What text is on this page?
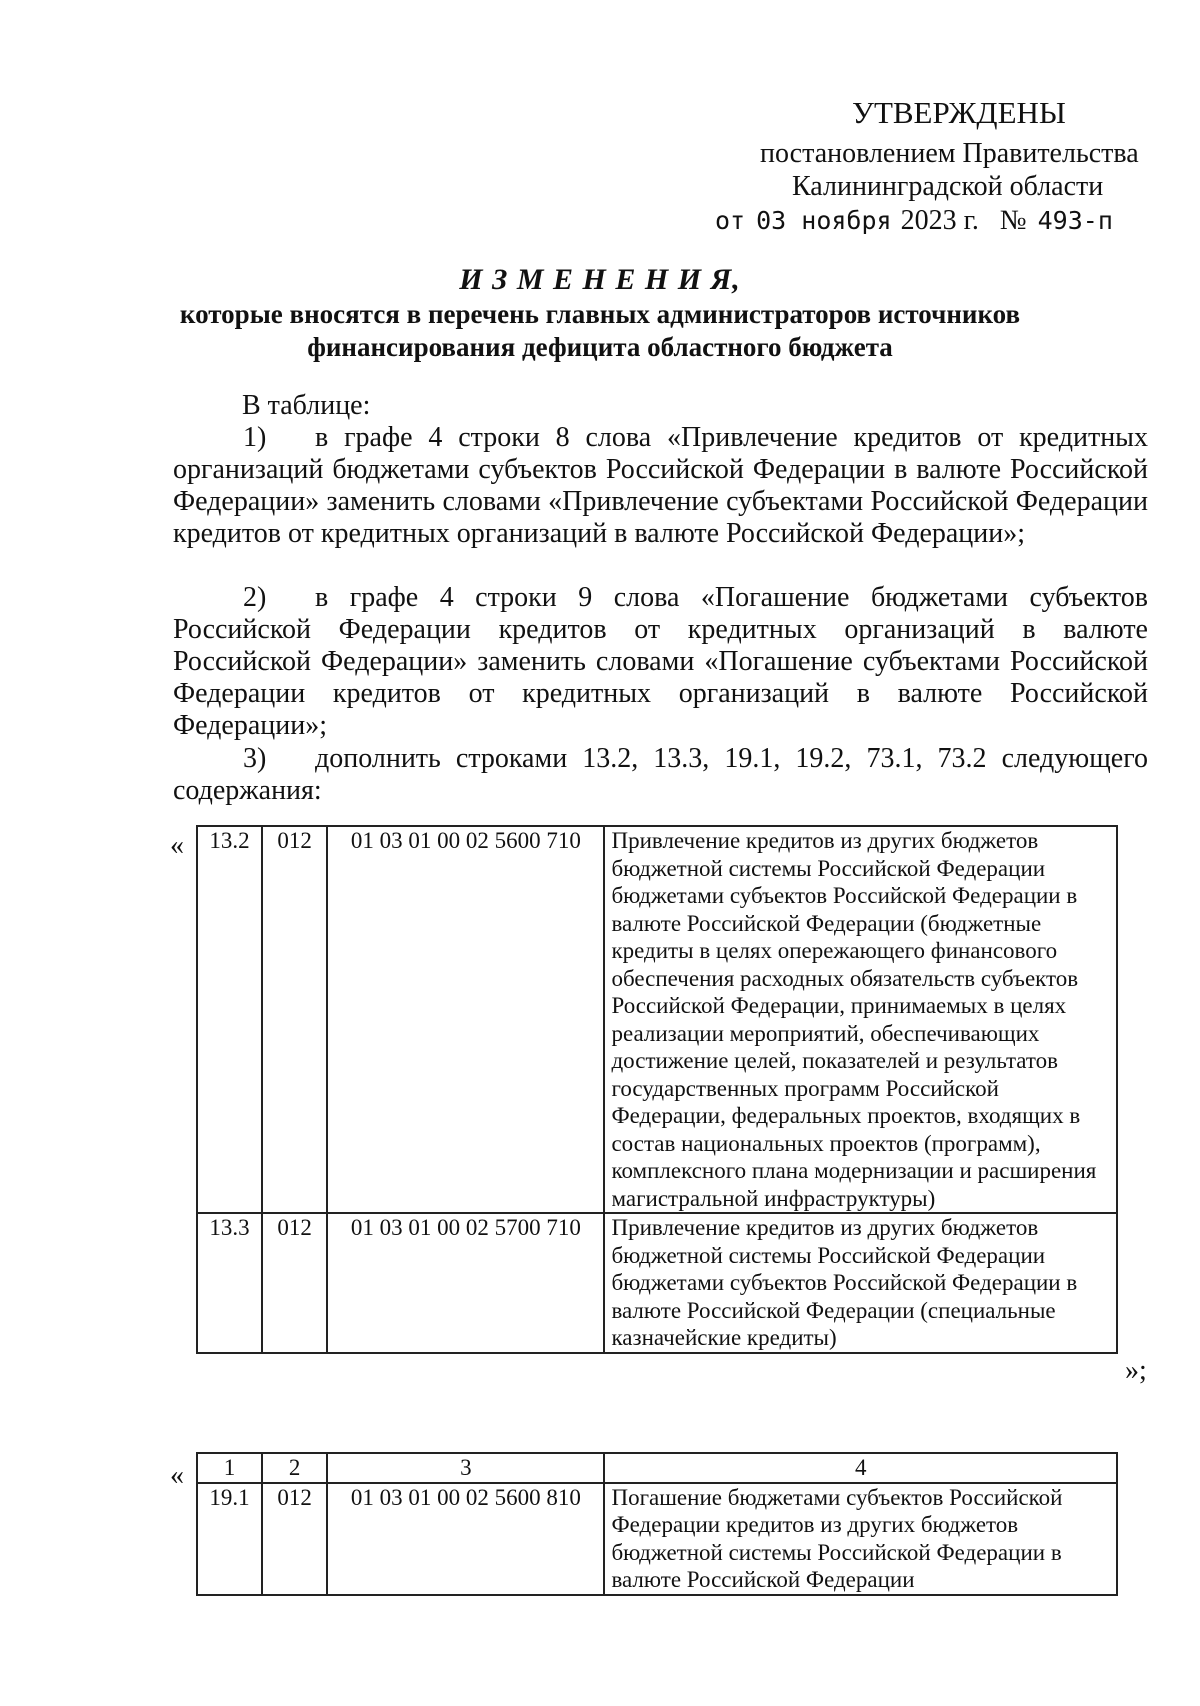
УТВЕРЖДЕНЫ
постановлением Правительства
Калининградской области
от 03 ноября 2023 г. № 493-п
И З М Е Н Е Н И Я,
которые вносятся в перечень главных администраторов источников
финансирования дефицита областного бюджета
В таблице:
1) в графе 4 строки 8 слова «Привлечение кредитов от кредитных организаций бюджетами субъектов Российской Федерации в валюте Российской Федерации» заменить словами «Привлечение субъектами Российской Федерации кредитов от кредитных организаций в валюте Российской Федерации»;
2) в графе 4 строки 9 слова «Погашение бюджетами субъектов Российской Федерации кредитов от кредитных организаций в валюте Российской Федерации» заменить словами «Погашение субъектами Российской Федерации кредитов от кредитных организаций в валюте Российской Федерации»;
3) дополнить строками 13.2, 13.3, 19.1, 19.2, 73.1, 73.2 следующего содержания:
« 13.2	012	01 03 01 00 02 5600 710	Привлечение кредитов из других бюджетов бюджетной системы Российской Федерации бюджетами субъектов Российской Федерации в валюте Российской Федерации (бюджетные кредиты в целях опережающего финансового обеспечения расходных обязательств субъектов Российской Федерации, принимаемых в целях реализации мероприятий, обеспечивающих достижение целей, показателей и результатов государственных программ Российской Федерации, федеральных проектов, входящих в состав национальных проектов (программ), комплексного плана модернизации и расширения магистральной инфраструктуры)
13.3	012	01 03 01 00 02 5700 710	Привлечение кредитов из других бюджетов бюджетной системы Российской Федерации бюджетами субъектов Российской Федерации в валюте Российской Федерации (специальные казначейские кредиты)
»;
« 1	2	3	4
19.1	012	01 03 01 00 02 5600 810	Погашение бюджетами субъектов Российской Федерации кредитов из других бюджетов бюджетной системы Российской Федерации в валюте Российской Федерации
